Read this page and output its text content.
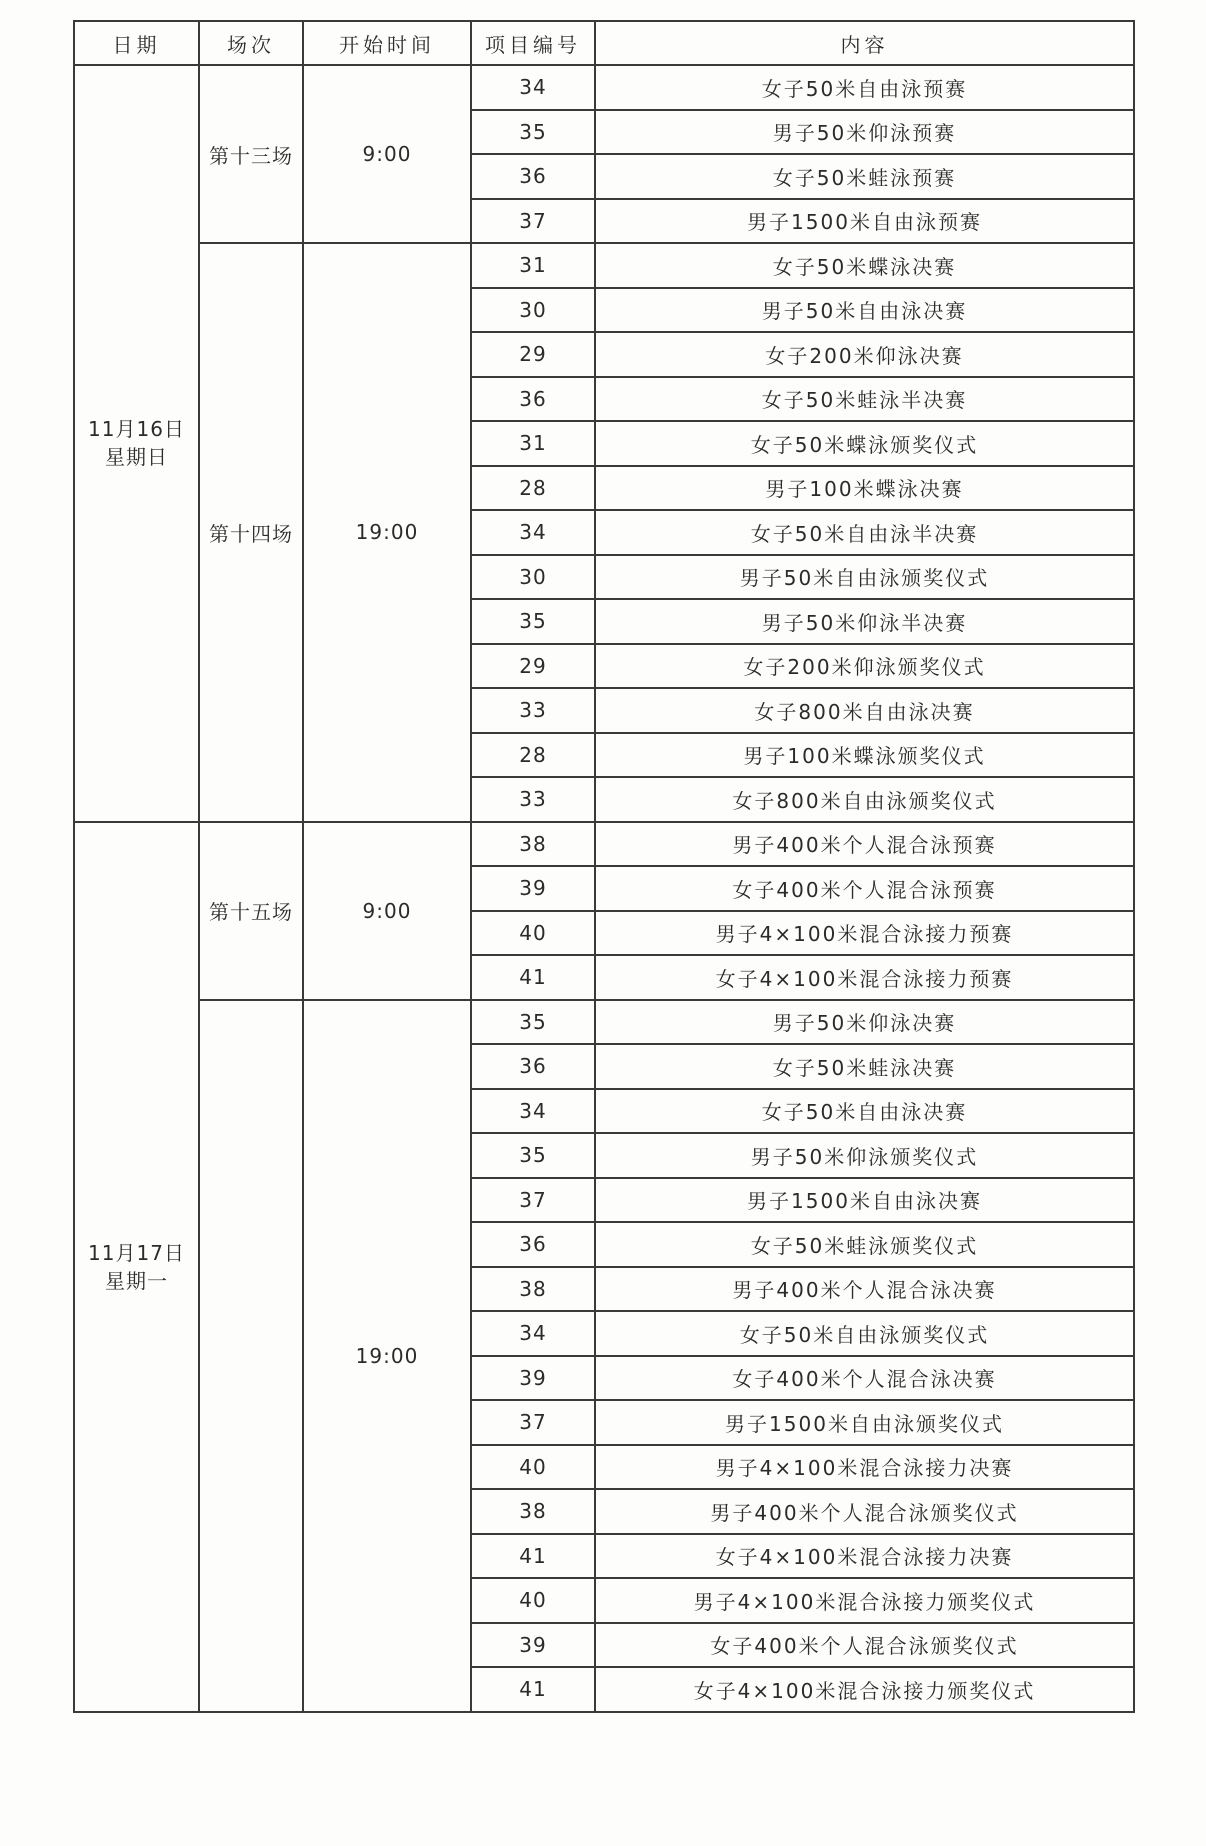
日期	场次	开始时间	项目编号	内容

11月16日
星期日	第十三场	9:00	34	女子50米自由泳预赛
			35	男子50米仰泳预赛
			36	女子50米蛙泳预赛
			37	男子1500米自由泳预赛
	第十四场	19:00	31	女子50米蝶泳决赛
			30	男子50米自由泳决赛
			29	女子200米仰泳决赛
			36	女子50米蛙泳半决赛
			31	女子50米蝶泳颁奖仪式
			28	男子100米蝶泳决赛
			34	女子50米自由泳半决赛
			30	男子50米自由泳颁奖仪式
			35	男子50米仰泳半决赛
			29	女子200米仰泳颁奖仪式
			33	女子800米自由泳决赛
			28	男子100米蝶泳颁奖仪式
			33	女子800米自由泳颁奖仪式

11月17日
星期一	第十五场	9:00	38	男子400米个人混合泳预赛
			39	女子400米个人混合泳预赛
			40	男子4×100米混合泳接力预赛
			41	女子4×100米混合泳接力预赛
		19:00	35	男子50米仰泳决赛
			36	女子50米蛙泳决赛
			34	女子50米自由泳决赛
			35	男子50米仰泳颁奖仪式
			37	男子1500米自由泳决赛
			36	女子50米蛙泳颁奖仪式
			38	男子400米个人混合泳决赛
			34	女子50米自由泳颁奖仪式
			39	女子400米个人混合泳决赛
			37	男子1500米自由泳颁奖仪式
			40	男子4×100米混合泳接力决赛
			38	男子400米个人混合泳颁奖仪式
			41	女子4×100米混合泳接力决赛
			40	男子4×100米混合泳接力颁奖仪式
			39	女子400米个人混合泳颁奖仪式
			41	女子4×100米混合泳接力颁奖仪式
